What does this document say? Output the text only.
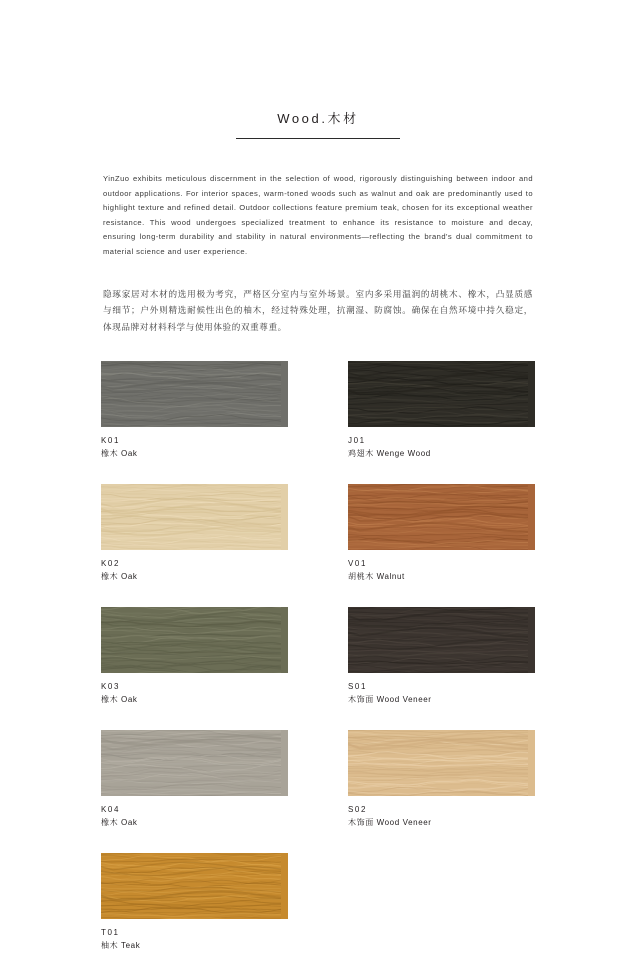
Wood.木材

YinZuo exhibits meticulous discernment in the selection of wood, rigorously distinguishing between indoor and outdoor applications. For interior spaces, warm-toned woods such as walnut and oak are predominantly used to highlight texture and refined detail. Outdoor collections feature premium teak, chosen for its exceptional weather resistance. This wood undergoes specialized treatment to enhance its resistance to moisture and decay, ensuring long-term durability and stability in natural environments—reflecting the brand's dual commitment to material science and user experience.

隐琢家居对木材的选用极为考究，严格区分室内与室外场景。室内多采用温润的胡桃木、橡木，凸显质感与细节；户外则精选耐候性出色的柚木，经过特殊处理，抗潮湿、防腐蚀。确保在自然环境中持久稳定，体现品牌对材料科学与使用体验的双重尊重。

K01
橡木 Oak
J01
鸡翅木 Wenge Wood
K02
橡木 Oak
V01
胡桃木 Walnut
K03
橡木 Oak
S01
木饰面 Wood Veneer
K04
橡木 Oak
S02
木饰面 Wood Veneer
T01
柚木 Teak
